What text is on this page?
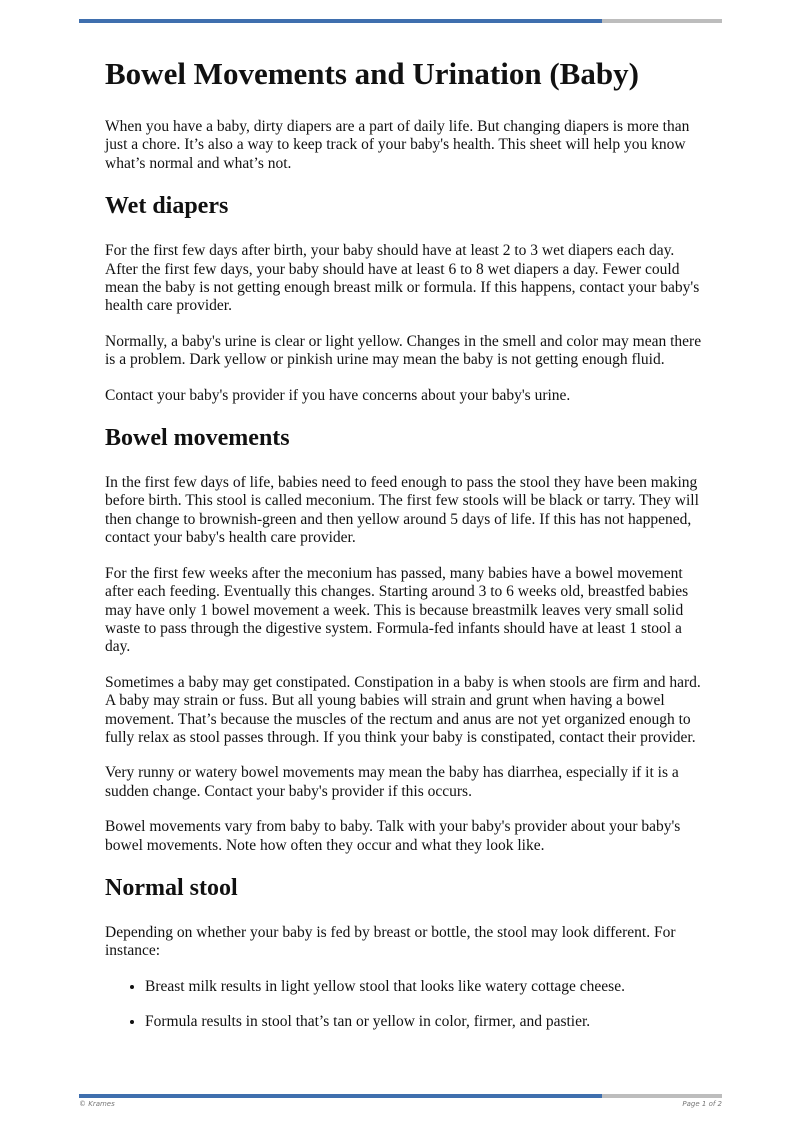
Bowel Movements and Urination (Baby)

When you have a baby, dirty diapers are a part of daily life. But changing diapers is more than just a chore. It’s also a way to keep track of your baby's health. This sheet will help you know what’s normal and what’s not.

Wet diapers

For the first few days after birth, your baby should have at least 2 to 3 wet diapers each day. After the first few days, your baby should have at least 6 to 8 wet diapers a day. Fewer could mean the baby is not getting enough breast milk or formula. If this happens, contact your baby's health care provider.

Normally, a baby's urine is clear or light yellow. Changes in the smell and color may mean there is a problem. Dark yellow or pinkish urine may mean the baby is not getting enough fluid.

Contact your baby's provider if you have concerns about your baby's urine.

Bowel movements

In the first few days of life, babies need to feed enough to pass the stool they have been making before birth. This stool is called meconium. The first few stools will be black or tarry. They will then change to brownish-green and then yellow around 5 days of life. If this has not happened, contact your baby's health care provider.

For the first few weeks after the meconium has passed, many babies have a bowel movement after each feeding. Eventually this changes. Starting around 3 to 6 weeks old, breastfed babies may have only 1 bowel movement a week. This is because breastmilk leaves very small solid waste to pass through the digestive system. Formula-fed infants should have at least 1 stool a day.

Sometimes a baby may get constipated. Constipation in a baby is when stools are firm and hard. A baby may strain or fuss. But all young babies will strain and grunt when having a bowel movement. That’s because the muscles of the rectum and anus are not yet organized enough to fully relax as stool passes through. If you think your baby is constipated, contact their provider.

Very runny or watery bowel movements may mean the baby has diarrhea, especially if it is a sudden change. Contact your baby's provider if this occurs.

Bowel movements vary from baby to baby. Talk with your baby's provider about your baby's bowel movements. Note how often they occur and what they look like.

Normal stool

Depending on whether your baby is fed by breast or bottle, the stool may look different. For instance:

• Breast milk results in light yellow stool that looks like watery cottage cheese.
• Formula results in stool that’s tan or yellow in color, firmer, and pastier.
© Krames	Page 1 of 2
